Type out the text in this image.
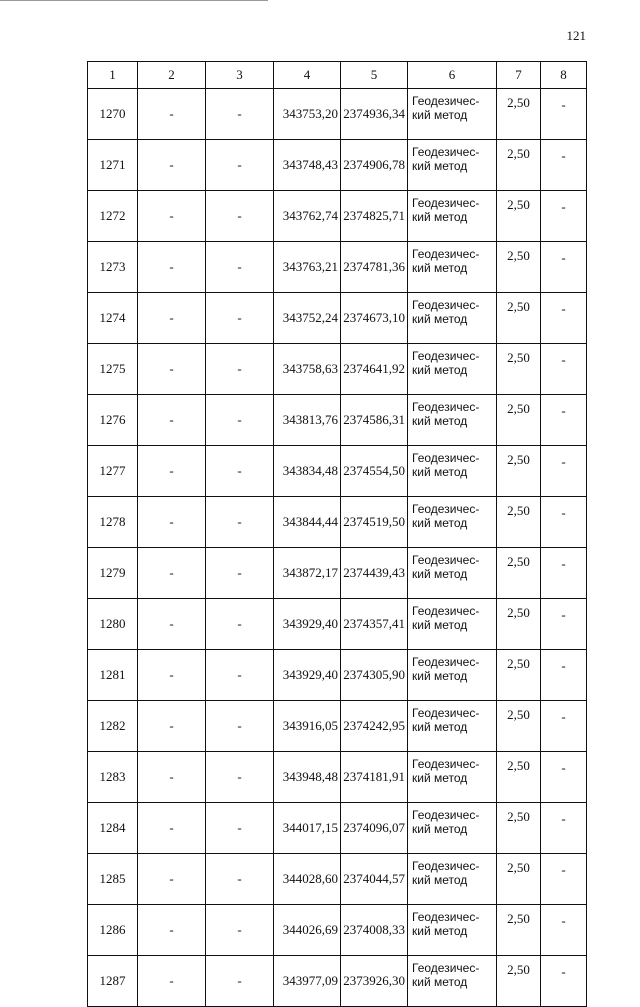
121
1	2	3	4	5	6	7	8
1270	-	-	343753,20	2374936,34	Геодезичес-
кий метод	2,50	-
1271	-	-	343748,43	2374906,78	Геодезичес-
кий метод	2,50	-
1272	-	-	343762,74	2374825,71	Геодезичес-
кий метод	2,50	-
1273	-	-	343763,21	2374781,36	Геодезичес-
кий метод	2,50	-
1274	-	-	343752,24	2374673,10	Геодезичес-
кий метод	2,50	-
1275	-	-	343758,63	2374641,92	Геодезичес-
кий метод	2,50	-
1276	-	-	343813,76	2374586,31	Геодезичес-
кий метод	2,50	-
1277	-	-	343834,48	2374554,50	Геодезичес-
кий метод	2,50	-
1278	-	-	343844,44	2374519,50	Геодезичес-
кий метод	2,50	-
1279	-	-	343872,17	2374439,43	Геодезичес-
кий метод	2,50	-
1280	-	-	343929,40	2374357,41	Геодезичес-
кий метод	2,50	-
1281	-	-	343929,40	2374305,90	Геодезичес-
кий метод	2,50	-
1282	-	-	343916,05	2374242,95	Геодезичес-
кий метод	2,50	-
1283	-	-	343948,48	2374181,91	Геодезичес-
кий метод	2,50	-
1284	-	-	344017,15	2374096,07	Геодезичес-
кий метод	2,50	-
1285	-	-	344028,60	2374044,57	Геодезичес-
кий метод	2,50	-
1286	-	-	344026,69	2374008,33	Геодезичес-
кий метод	2,50	-
1287	-	-	343977,09	2373926,30	Геодезичес-
кий метод	2,50	-
